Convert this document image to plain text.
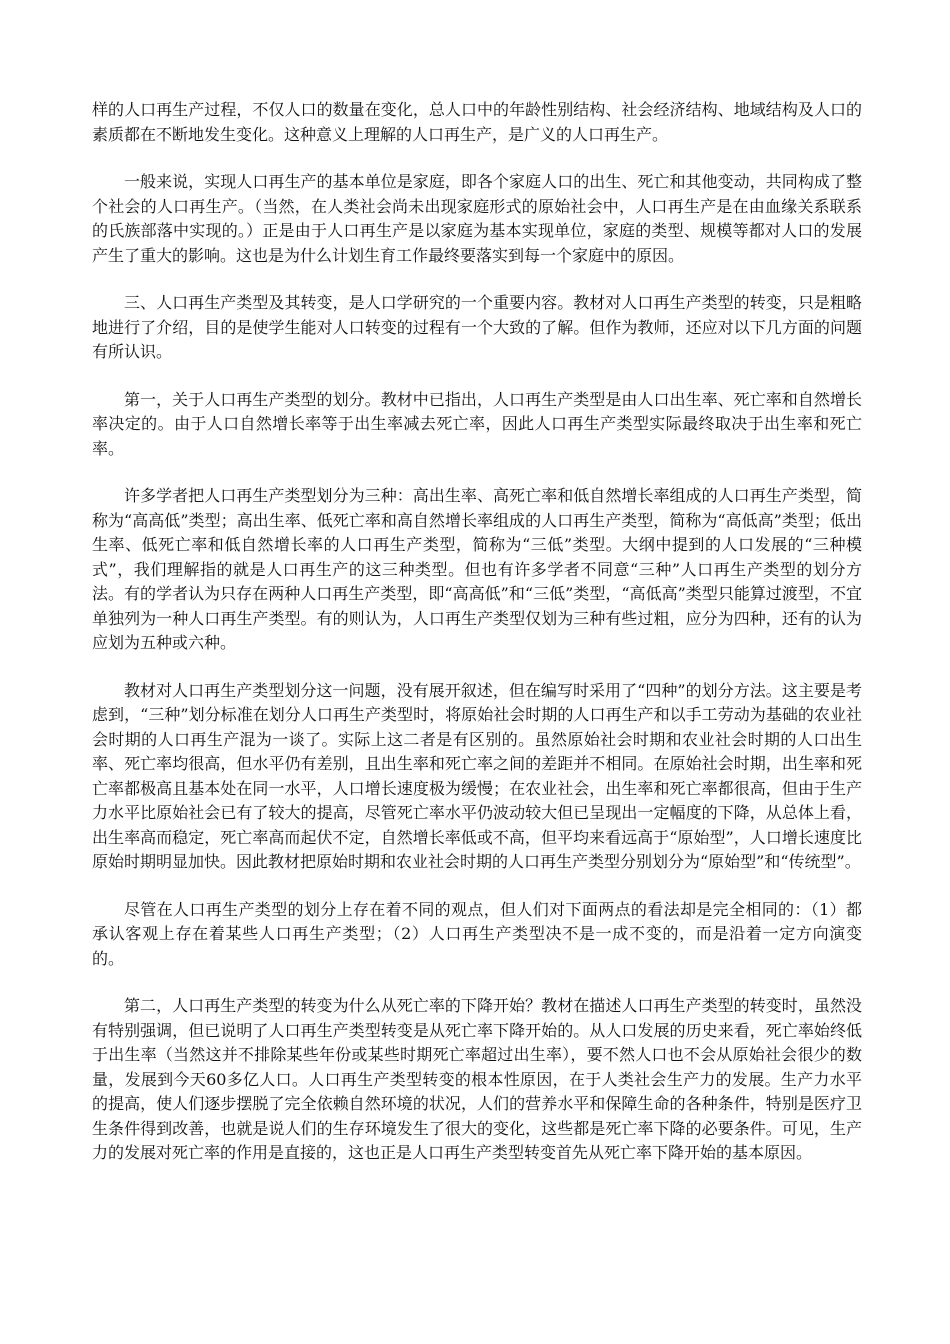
样的人口再生产过程，不仅人口的数量在变化，总人口中的年龄性别结构、社会经济结构、地域结构及人口的素质都在不断地发生变化。这种意义上理解的人口再生产，是广义的人口再生产。

一般来说，实现人口再生产的基本单位是家庭，即各个家庭人口的出生、死亡和其他变动，共同构成了整个社会的人口再生产。（当然，在人类社会尚未出现家庭形式的原始社会中，人口再生产是在由血缘关系联系的氏族部落中实现的。）正是由于人口再生产是以家庭为基本实现单位，家庭的类型、规模等都对人口的发展产生了重大的影响。这也是为什么计划生育工作最终要落实到每一个家庭中的原因。

三、人口再生产类型及其转变，是人口学研究的一个重要内容。教材对人口再生产类型的转变，只是粗略地进行了介绍，目的是使学生能对人口转变的过程有一个大致的了解。但作为教师，还应对以下几方面的问题有所认识。

第一，关于人口再生产类型的划分。教材中已指出，人口再生产类型是由人口出生率、死亡率和自然增长率决定的。由于人口自然增长率等于出生率减去死亡率，因此人口再生产类型实际最终取决于出生率和死亡率。

许多学者把人口再生产类型划分为三种：高出生率、高死亡率和低自然增长率组成的人口再生产类型，简称为“高高低”类型；高出生率、低死亡率和高自然增长率组成的人口再生产类型，简称为“高低高”类型；低出生率、低死亡率和低自然增长率的人口再生产类型，简称为“三低”类型。大纲中提到的人口发展的“三种模式”，我们理解指的就是人口再生产的这三种类型。但也有许多学者不同意“三种”人口再生产类型的划分方法。有的学者认为只存在两种人口再生产类型，即“高高低”和“三低”类型，“高低高”类型只能算过渡型，不宜单独列为一种人口再生产类型。有的则认为，人口再生产类型仅划为三种有些过粗，应分为四种，还有的认为应划为五种或六种。

教材对人口再生产类型划分这一问题，没有展开叙述，但在编写时采用了“四种”的划分方法。这主要是考虑到，“三种”划分标准在划分人口再生产类型时，将原始社会时期的人口再生产和以手工劳动为基础的农业社会时期的人口再生产混为一谈了。实际上这二者是有区别的。虽然原始社会时期和农业社会时期的人口出生率、死亡率均很高，但水平仍有差别，且出生率和死亡率之间的差距并不相同。在原始社会时期，出生率和死亡率都极高且基本处在同一水平，人口增长速度极为缓慢；在农业社会，出生率和死亡率都很高，但由于生产力水平比原始社会已有了较大的提高，尽管死亡率水平仍波动较大但已呈现出一定幅度的下降，从总体上看，出生率高而稳定，死亡率高而起伏不定，自然增长率低或不高，但平均来看远高于“原始型”，人口增长速度比原始时期明显加快。因此教材把原始时期和农业社会时期的人口再生产类型分别划分为“原始型”和“传统型”。

尽管在人口再生产类型的划分上存在着不同的观点，但人们对下面两点的看法却是完全相同的：（1）都承认客观上存在着某些人口再生产类型；（2）人口再生产类型决不是一成不变的，而是沿着一定方向演变的。

第二，人口再生产类型的转变为什么从死亡率的下降开始？教材在描述人口再生产类型的转变时，虽然没有特别强调，但已说明了人口再生产类型转变是从死亡率下降开始的。从人口发展的历史来看，死亡率始终低于出生率（当然这并不排除某些年份或某些时期死亡率超过出生率），要不然人口也不会从原始社会很少的数量，发展到今天60多亿人口。人口再生产类型转变的根本性原因，在于人类社会生产力的发展。生产力水平的提高，使人们逐步摆脱了完全依赖自然环境的状况，人们的营养水平和保障生命的各种条件，特别是医疗卫生条件得到改善，也就是说人们的生存环境发生了很大的变化，这些都是死亡率下降的必要条件。可见，生产力的发展对死亡率的作用是直接的，这也正是人口再生产类型转变首先从死亡率下降开始的基本原因。
